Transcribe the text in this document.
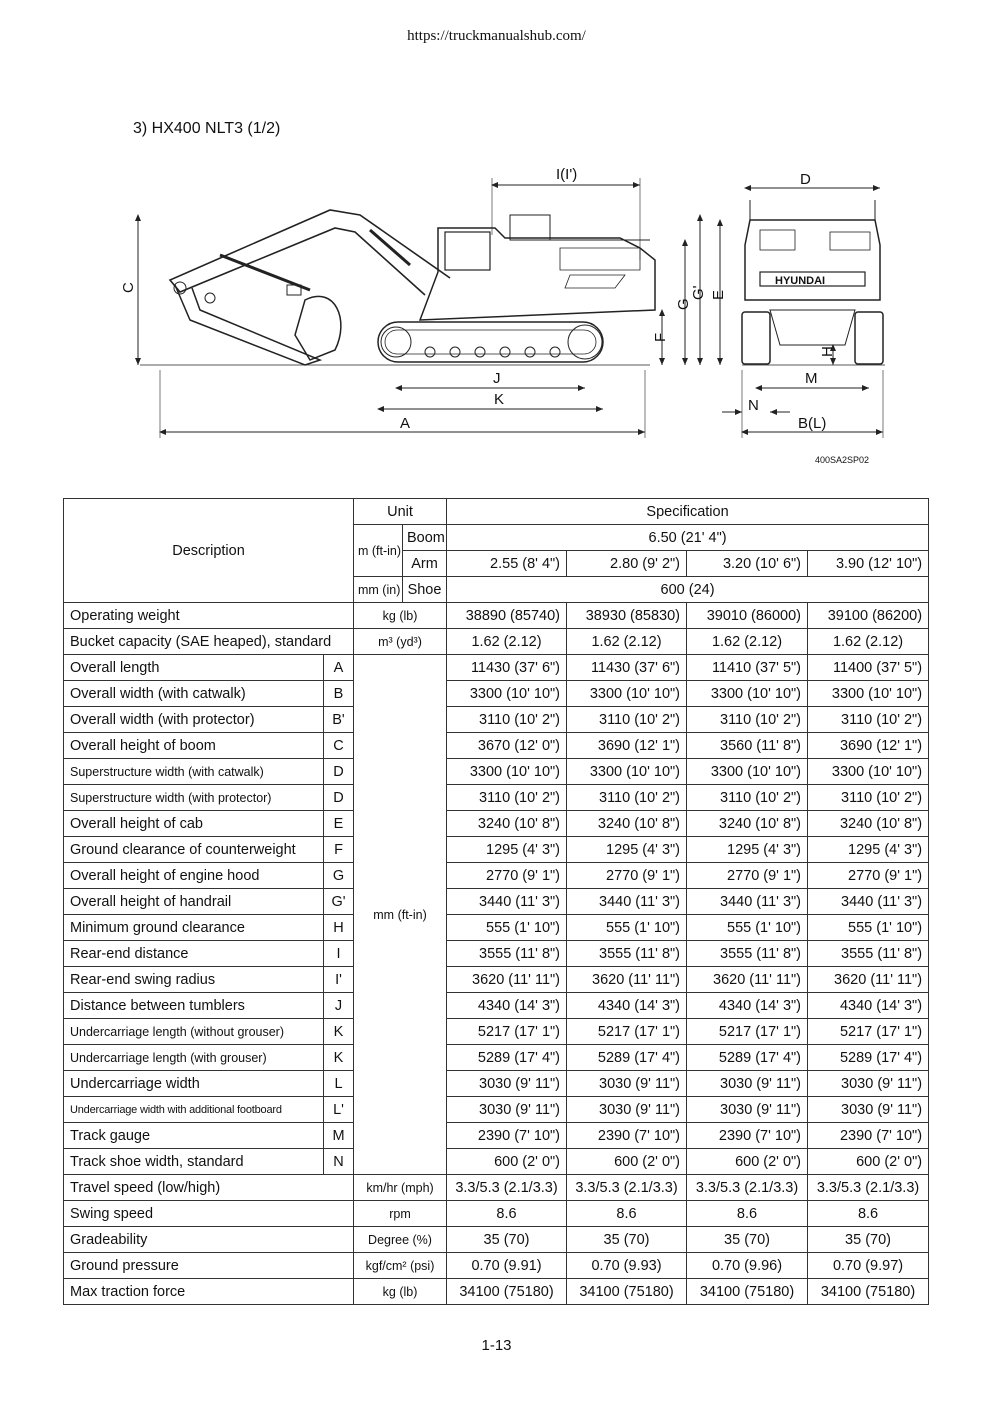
https://truckmanualshub.com/
3) HX400 NLT3 (1/2)
C
I(I')
F
G
G' E
J
K
A
HYUNDAI
D
H
M
N
B(L)
400SA2SP02
Description		Unit		Specification			
		m (ft-in)	Boom	6.50 (21' 4")			
			Arm	2.55 (8' 4")	2.80 (9' 2")	3.20 (10' 6")	3.90 (12' 10")
		mm (in)	Shoe	600 (24)			
Operating weight		kg (lb)		38890 (85740)	38930 (85830)	39010 (86000)	39100 (86200)
Bucket capacity (SAE heaped), standard		m³ (yd³)		1.62 (2.12)	1.62 (2.12)	1.62 (2.12)	1.62 (2.12)
Overall length	A	mm (ft-in)		11430 (37' 6")	11430 (37' 6")	11410 (37' 5")	11400 (37' 5")
Overall width (with catwalk)	B			3300 (10' 10")	3300 (10' 10")	3300 (10' 10")	3300 (10' 10")
Overall width (with protector)	B'			3110 (10' 2")	3110 (10' 2")	3110 (10' 2")	3110 (10' 2")
Overall height of boom	C			3670 (12' 0")	3690 (12' 1")	3560 (11' 8")	3690 (12' 1")
Superstructure width (with catwalk)	D			3300 (10' 10")	3300 (10' 10")	3300 (10' 10")	3300 (10' 10")
Superstructure width (with protector)	D			3110 (10' 2")	3110 (10' 2")	3110 (10' 2")	3110 (10' 2")
Overall height of cab	E			3240 (10' 8")	3240 (10' 8")	3240 (10' 8")	3240 (10' 8")
Ground clearance of counterweight	F			1295 (4' 3")	1295 (4' 3")	1295 (4' 3")	1295 (4' 3")
Overall height of engine hood	G			2770 (9' 1")	2770 (9' 1")	2770 (9' 1")	2770 (9' 1")
Overall height of handrail	G'			3440 (11' 3")	3440 (11' 3")	3440 (11' 3")	3440 (11' 3")
Minimum ground clearance	H			555 (1' 10")	555 (1' 10")	555 (1' 10")	555 (1' 10")
Rear-end distance	I			3555 (11' 8")	3555 (11' 8")	3555 (11' 8")	3555 (11' 8")
Rear-end swing radius	I'			3620 (11' 11")	3620 (11' 11")	3620 (11' 11")	3620 (11' 11")
Distance between tumblers	J			4340 (14' 3")	4340 (14' 3")	4340 (14' 3")	4340 (14' 3")
Undercarriage length (without grouser)	K			5217 (17' 1")	5217 (17' 1")	5217 (17' 1")	5217 (17' 1")
Undercarriage length (with grouser)	K			5289 (17' 4")	5289 (17' 4")	5289 (17' 4")	5289 (17' 4")
Undercarriage width	L			3030 (9' 11")	3030 (9' 11")	3030 (9' 11")	3030 (9' 11")
Undercarriage width with additional footboard	L'			3030 (9' 11")	3030 (9' 11")	3030 (9' 11")	3030 (9' 11")
Track gauge	M			2390 (7' 10")	2390 (7' 10")	2390 (7' 10")	2390 (7' 10")
Track shoe width, standard	N			600 (2' 0")	600 (2' 0")	600 (2' 0")	600 (2' 0")
Travel speed (low/high)		km/hr (mph)		3.3/5.3 (2.1/3.3)	3.3/5.3 (2.1/3.3)	3.3/5.3 (2.1/3.3)	3.3/5.3 (2.1/3.3)
Swing speed		rpm		8.6	8.6	8.6	8.6
Gradeability		Degree (%)		35 (70)	35 (70)	35 (70)	35 (70)
Ground pressure		kgf/cm² (psi)		0.70 (9.91)	0.70 (9.93)	0.70 (9.96)	0.70 (9.97)
Max traction force		kg (lb)		34100 (75180)	34100 (75180)	34100 (75180)	34100 (75180)
1-13
